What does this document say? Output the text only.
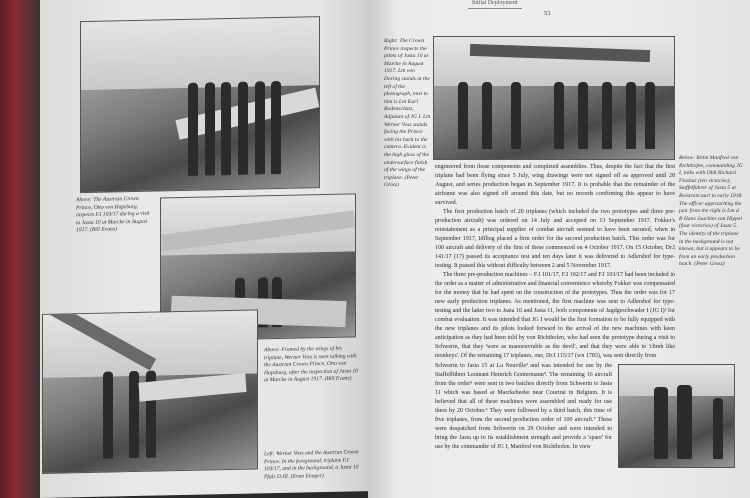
Above: The Austrian Crown Prince, Otto von Hapsburg, inspects F.I 103/17 during a visit to Jasta 10 at Marcke in August 1917. (Bill Evans)
Above: Framed by the wings of his triplane, Werner Voss is seen talking with the Austrian Crown Prince, Otto von Hapsburg, after the inspection of Jasta 10 at Marcke in August 1917. (Bill Evans)
Left: Werner Voss and the Austrian Crown Prince. In the foreground, triplane F.I 103/17, and in the background, a Jasta 10 Pfalz D.III. (Evan Enuger)
Initial Deployment
53
Right: The Crown Prince inspects the pilots of Jasta 10 at Marcke in August 1917. Ltn von Doring stands at the left of the photograph, next to him is Ltn Karl Bodenschatz, Adjutant of JG I. Ltn Werner Voss stands facing the Prince with his back to the camera. Evident is the high gloss of the undersurface finish of the wings of the triplane. (Peter Grosz)
Below: Rittm Manfred von Richthofen, commanding JG I, talks with Oblt Richard Flashar (ten victories), Staffelführer of Jasta 5 at Boistrancourt in early 1918. The officer approaching the pair from the right is Ltn d R Hans Joachim von Hippel (four victories) of Jasta 5. The identity of the triplane in the background is not known, but it appears to be from an early production batch. (Peter Grosz)

engineered from those components and completed assemblies. Thus, despite the fact that the first triplane had been flying since 5 July, wing drawings were not signed off as approved until 28 August, and series production began in September 1917. It is probable that the remainder of the airframe was also signed off around this date, but no records confirming this appear to have survived.

The first production batch of 20 triplanes (which included the two prototypes and three pre-production aircraft) was ordered on 14 July and accepted on 13 September 1917. Fokker's reinstatement as a principal supplier of combat aircraft seemed to have been secured, when in September 1917, Idflieg placed a firm order for the second production batch. This order was for 100 aircraft and delivery of the first of these commenced on 4 October 1917. On 15 October, Dr.I 141/17 (17) passed its acceptance test and ten days later it was delivered to Adlershof for type-testing. It passed this without difficulty between 2 and 5 November 1917.

The three pre-production machines – F.I 101/17, F.I 102/17 and F.I 103/17 had been included in the order as a matter of administrative and financial convenience whereby Fokker was compensated for the money that he had spent on the construction of the prototypes. Thus the order was for 17 new early production triplanes. As mentioned, the first machine was sent to Adlershof for type-testing and the latter two to Jasta 10 and Jasta 11, both components of Jagdgeschwader I (JG I)² for combat evaluation. It was intended that JG I would be the first formation to be fully equipped with the new triplanes and its pilots looked forward to the arrival of the new machines with keen anticipation as they had been told by von Richthofen, who had seen the prototype during a visit to Schwerin, that they 'were as manoeuvrable as the devil', and that they were able to 'climb like monkeys'. Of the remaining 17 triplanes, one, Dr.I 115/17 (wn 1783), was sent directly from

Schwerin to Jasta 15 at La Neuville³ and was intended for use by the Staffelführer Leutnant Heinrich Gontermann⁴. The remaining 16 aircraft from the order⁵ were sent in two batches directly from Schwerin to Jasta 11 which was based at Marckebeeke near Courtrai in Belgium. It is believed that all of these machines were assembled and ready for use there by 20 October.⁶ They were followed by a third batch, this time of five triplanes, from the second production order of 100 aircraft.⁷ These were despatched from Schwerin on 29 October and were intended to bring the Jasta up to its establishment strength and provide a 'spare' for use by the commander of JG I, Manfred von Richthofen. In view
